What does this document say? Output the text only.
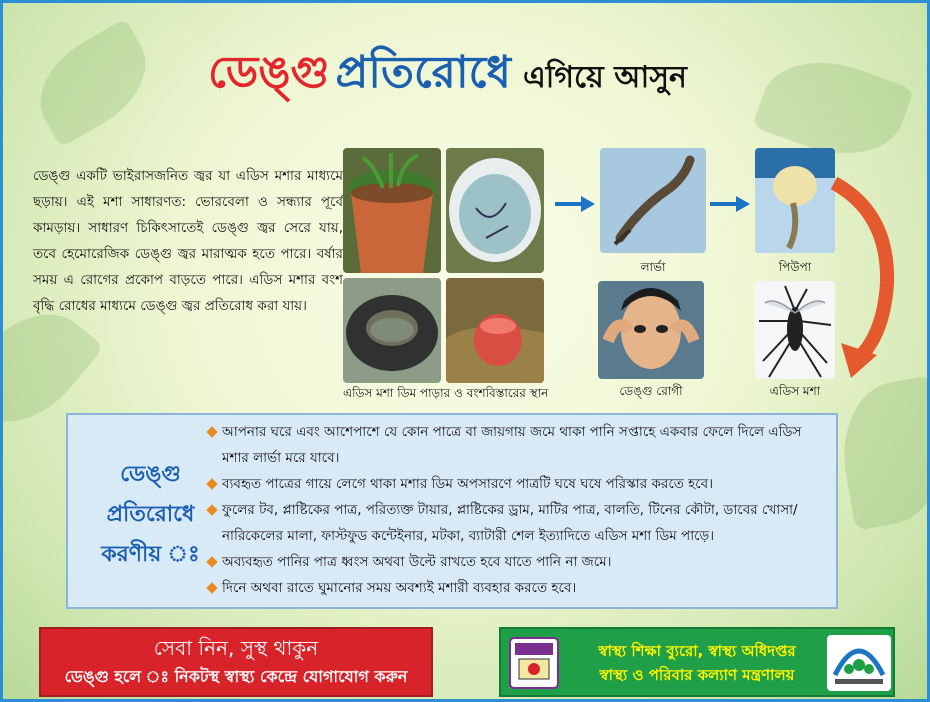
ডেঙ্গু প্রতিরোধে এগিয়ে আসুন
ডেঙ্গু একটি ভাইরাসজনিত জ্বর যা এডিস মশার মাধ্যমে ছড়ায়। এই মশা সাধারণত: ভোরবেলা ও সন্ধ্যার পূর্বে কামড়ায়। সাধারণ চিকিৎসাতেই ডেঙ্গু জ্বর সেরে যায়, তবে হেমোরেজিক ডেঙ্গু জ্বর মারাত্মক হতে পারে। বর্ষার সময় এ রোগের প্রকোপ বাড়তে পারে। এডিস মশার বংশ বৃদ্ধি রোধের মাধ্যমে ডেঙ্গু জ্বর প্রতিরোধ করা যায়।
এডিস মশা ডিম পাড়ার ও বংশবিস্তারের স্থান
লার্ভা	পিউপা
ডেঙ্গু রোগী	এডিস মশা
ডেঙ্গু প্রতিরোধে
করণীয় ঃ
আপনার ঘরে এবং আশেপাশে যে কোন পাত্রে বা জায়গায় জমে থাকা পানি সপ্তাহে একবার ফেলে দিলে এডিস মশার লার্ভা মরে যাবে।
ব্যবহৃত পাত্রের গায়ে লেগে থাকা মশার ডিম অপসারণে পাত্রটি ঘষে ঘষে পরিস্কার করতে হবে।
ফুলের টব, প্লাষ্টিকের পাত্র, পরিত্যক্ত টায়ার, প্লাষ্টিকের ড্রাম, মাটির পাত্র, বালতি, টিনের কৌটা, ডাবের খোসা/নারিকেলের মালা, ফাস্টফুড কন্টেইনার, মটকা, ব্যাটারী শেল ইত্যাদিতে এডিস মশা ডিম পাড়ে।
অব্যবহৃত পানির পাত্র ধ্বংস অথবা উল্টে রাখতে হবে যাতে পানি না জমে।
দিনে অথবা রাতে ঘুমানোর সময় অবশ্যই মশারী ব্যবহার করতে হবে।
সেবা নিন, সুস্থ থাকুন
ডেঙ্গু হলে ঃ নিকটস্থ স্বাস্থ্য কেন্দ্রে যোগাযোগ করুন
স্বাস্থ্য শিক্ষা ব্যুরো, স্বাস্থ্য অধিদপ্তর
স্বাস্থ্য ও পরিবার কল্যাণ মন্ত্রণালয়
